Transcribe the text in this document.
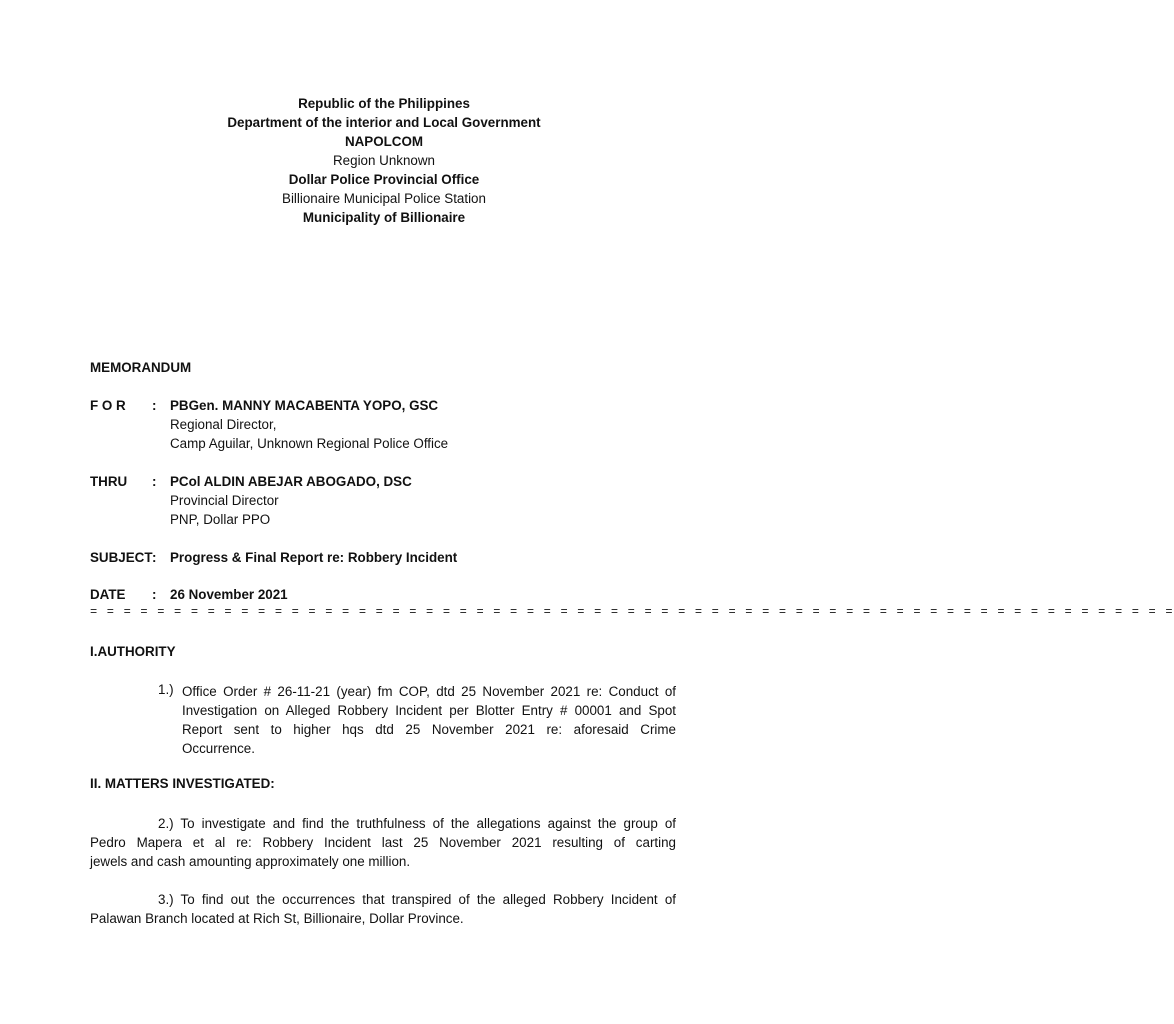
Republic of the Philippines
Department of the interior and Local Government
NAPOLCOM
Region Unknown
Dollar Police Provincial Office
Billionaire Municipal Police Station
Municipality of Billionaire
MEMORANDUM
F O R : PBGen. MANNY MACABENTA YOPO, GSC
Regional Director,
Camp Aguilar, Unknown Regional Police Office
THRU : PCol ALDIN ABEJAR ABOGADO, DSC
Provincial Director
PNP, Dollar PPO
SUBJECT : Progress & Final Report re: Robbery Incident
DATE : 26 November 2021
= = = = = = = = = = = = = = = = = = = = = = = = = = = = = = = = = = = = = = = = = = = = = = = = = = = = = = = = = = = = = = = = =
I.AUTHORITY
1.) Office Order # 26-11-21 (year) fm COP, dtd 25 November 2021 re: Conduct of
Investigation on Alleged Robbery Incident per Blotter Entry # 00001 and Spot
Report sent to higher hqs dtd 25 November 2021 re: aforesaid Crime
Occurrence.
II. MATTERS INVESTIGATED:
2.) To investigate and find the truthfulness of the allegations against the group of
Pedro Mapera et al re: Robbery Incident last 25 November 2021 resulting of carting
jewels and cash amounting approximately one million.
3.) To find out the occurrences that transpired of the alleged Robbery Incident of
Palawan Branch located at Rich St, Billionaire, Dollar Province.
